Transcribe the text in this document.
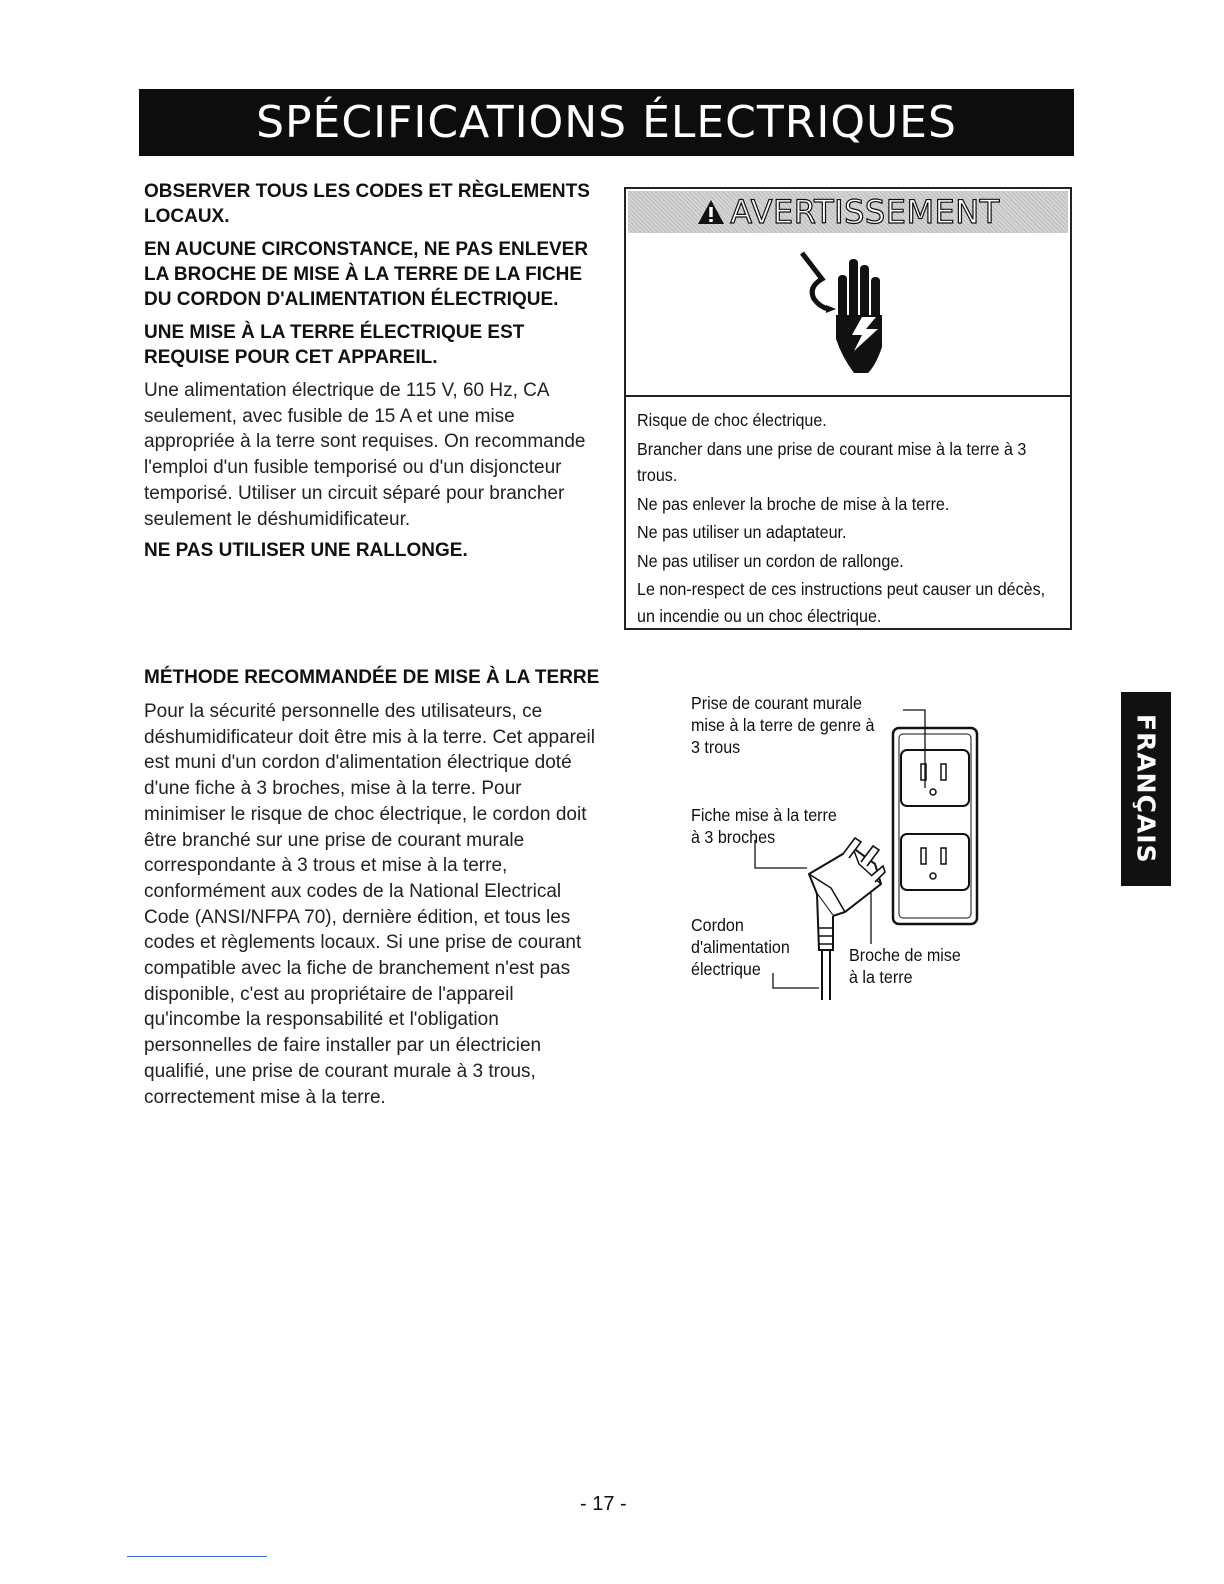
SPÉCIFICATIONS ÉLECTRIQUES

OBSERVER TOUS LES CODES ET RÈGLEMENTS LOCAUX.

EN AUCUNE CIRCONSTANCE, NE PAS ENLEVER LA BROCHE DE MISE À LA TERRE DE LA FICHE DU CORDON D'ALIMENTATION ÉLECTRIQUE.

UNE MISE À LA TERRE ÉLECTRIQUE EST REQUISE POUR CET APPAREIL.

Une alimentation électrique de 115 V, 60 Hz, CA seulement, avec fusible de 15 A et une mise appropriée à la terre sont requises. On recommande l'emploi d'un fusible temporisé ou d'un disjoncteur temporisé. Utiliser un circuit séparé pour brancher seulement le déshumidificateur.

NE PAS UTILISER UNE RALLONGE.

MÉTHODE RECOMMANDÉE DE MISE À LA TERRE

Pour la sécurité personnelle des utilisateurs, ce déshumidificateur doit être mis à la terre. Cet appareil est muni d'un cordon d'alimentation électrique doté d'une fiche à 3 broches, mise à la terre. Pour minimiser le risque de choc électrique, le cordon doit être branché sur une prise de courant murale correspondante à 3 trous et mise à la terre, conformément aux codes de la National Electrical Code (ANSI/NFPA 70), dernière édition, et tous les codes et règlements locaux. Si une prise de courant compatible avec la fiche de branchement n'est pas disponible, c'est au propriétaire de l'appareil qu'incombe la responsabilité et l'obligation personnelles de faire installer par un électricien qualifié, une prise de courant murale à 3 trous, correctement mise à la terre.

AVERTISSEMENT

Risque de choc électrique.

Brancher dans une prise de courant mise à la terre à 3 trous.

Ne pas enlever la broche de mise à la terre.

Ne pas utiliser un adaptateur.

Ne pas utiliser un cordon de rallonge.

Le non-respect de ces instructions peut causer un décès, un incendie ou un choc électrique.

FRANÇAIS
Prise de courant murale mise à la terre de genre à 3 trous
Fiche mise à la terre à 3 broches
Cordon d'alimentation électrique
Broche de mise à la terre
- 17 -
